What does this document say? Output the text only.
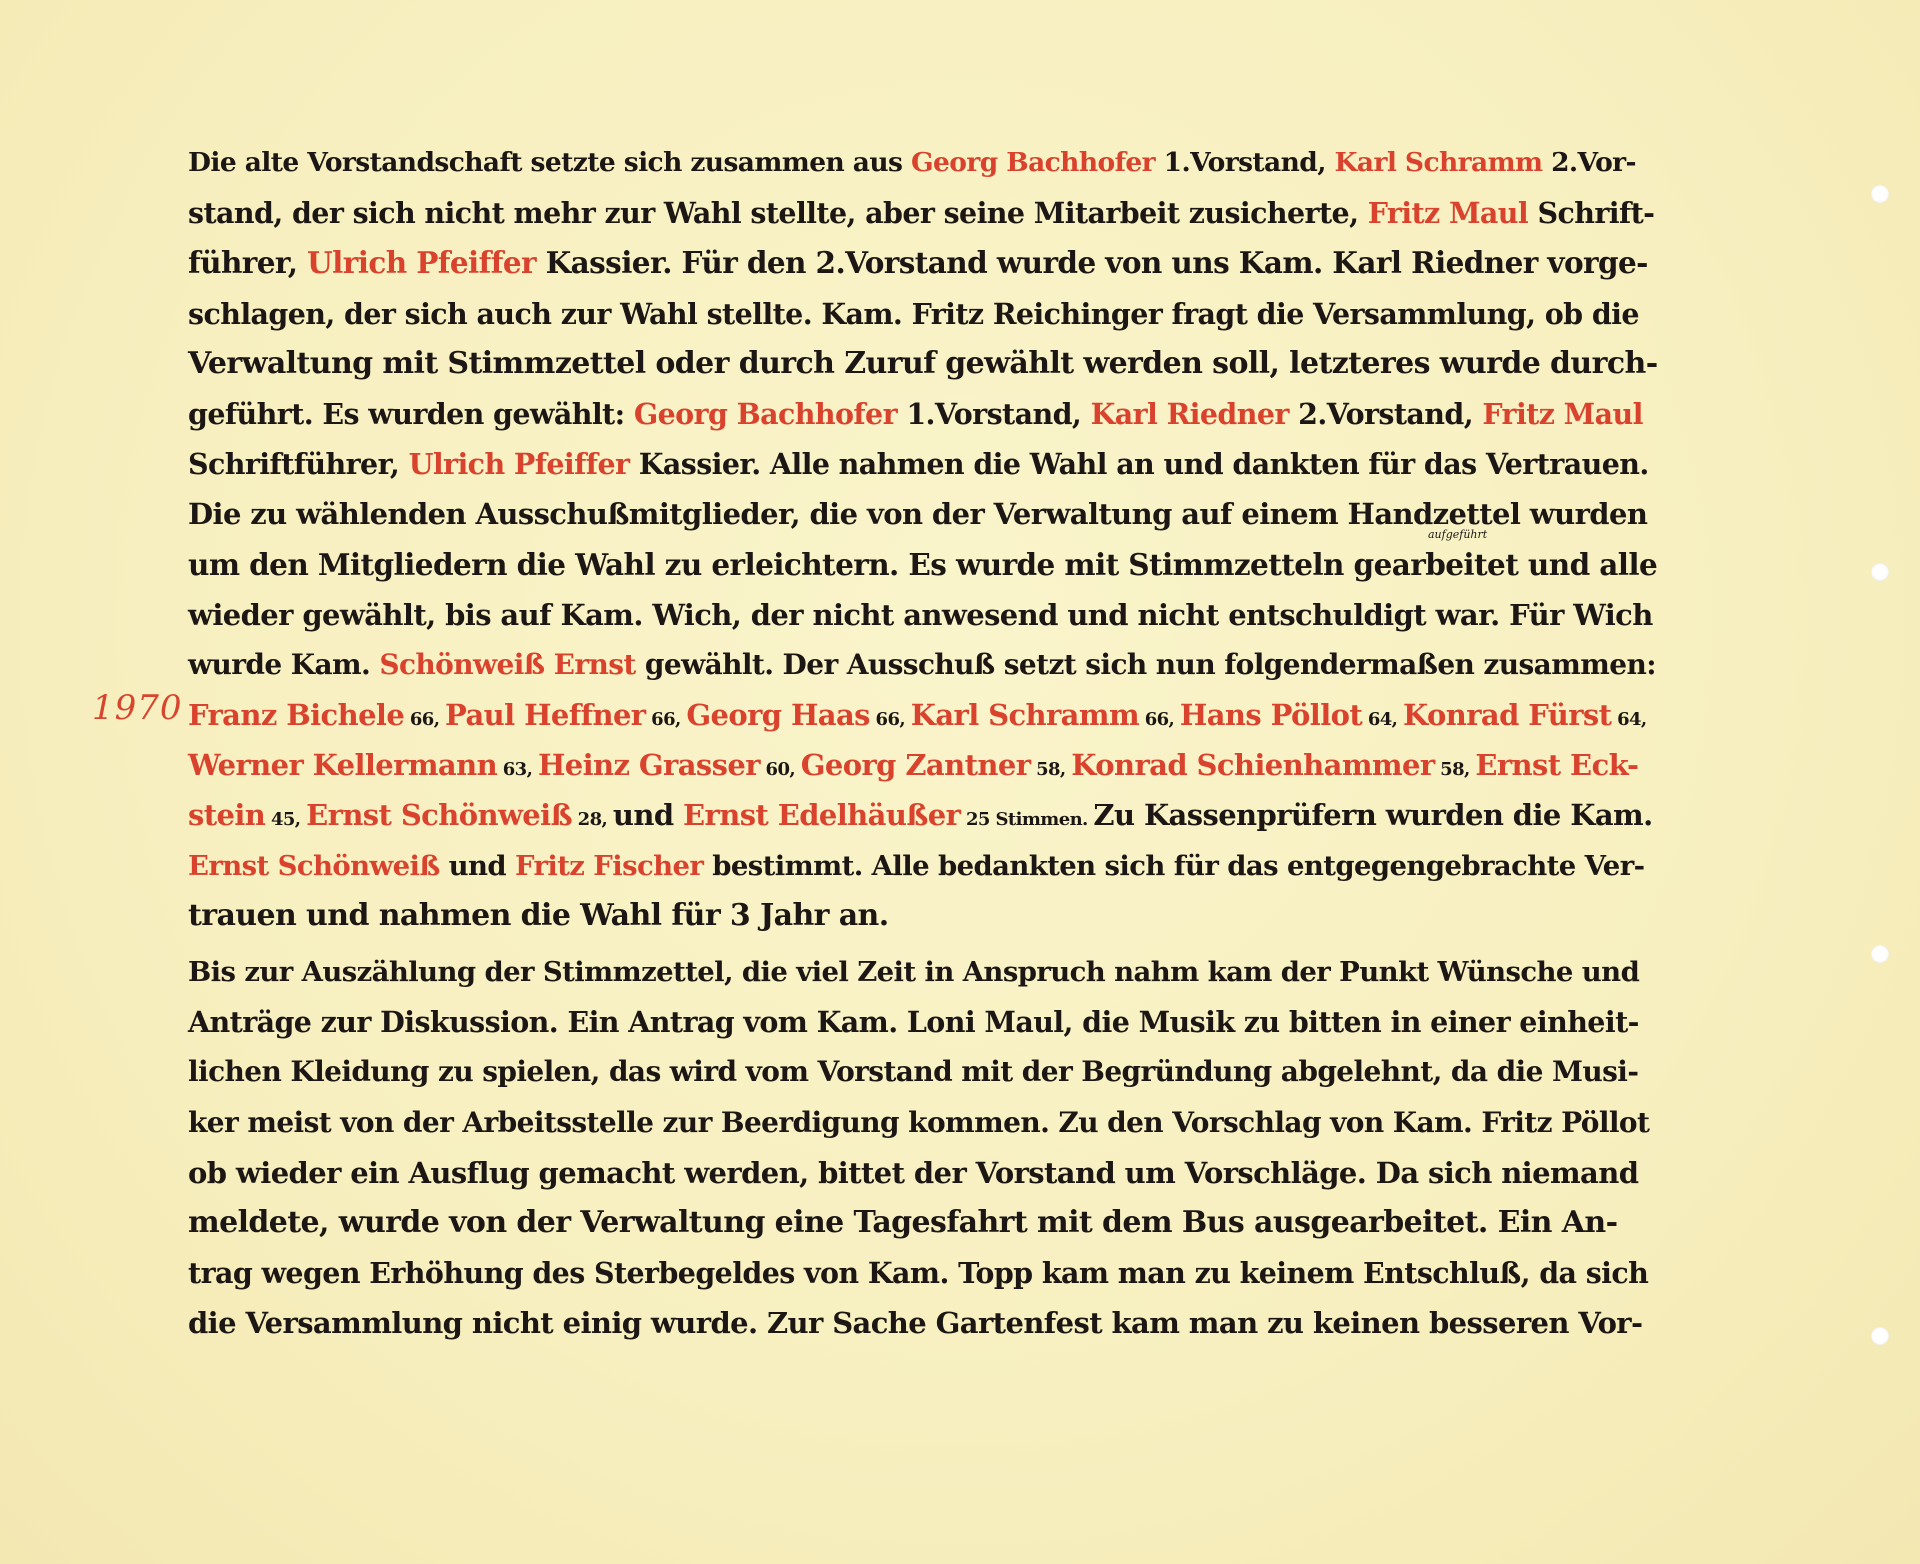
1970
aufgeführt
Die alte Vorstandschaft setzte sich zusammen aus Georg Bachhofer 1.Vorstand, Karl Schramm 2.Vor-
stand, der sich nicht mehr zur Wahl stellte, aber seine Mitarbeit zusicherte, Fritz Maul Schrift-
führer, Ulrich Pfeiffer Kassier. Für den 2.Vorstand wurde von uns Kam. Karl Riedner vorge-
schlagen, der sich auch zur Wahl stellte. Kam. Fritz Reichinger fragt die Versammlung, ob die
Verwaltung mit Stimmzettel oder durch Zuruf gewählt werden soll, letzteres wurde durch-
geführt. Es wurden gewählt: Georg Bachhofer 1.Vorstand, Karl Riedner 2.Vorstand, Fritz Maul
Schriftführer, Ulrich Pfeiffer Kassier. Alle nahmen die Wahl an und dankten für das Vertrauen.
Die zu wählenden Ausschußmitglieder, die von der Verwaltung auf einem Handzettel wurden
um den Mitgliedern die Wahl zu erleichtern. Es wurde mit Stimmzetteln gearbeitet und alle
wieder gewählt, bis auf Kam. Wich, der nicht anwesend und nicht entschuldigt war. Für Wich
wurde Kam. Schönweiß Ernst gewählt. Der Ausschuß setzt sich nun folgendermaßen zusammen:
Franz Bichele 66, Paul Heffner 66, Georg Haas 66, Karl Schramm 66, Hans Pöllot 64, Konrad Fürst 64,
Werner Kellermann 63, Heinz Grasser 60, Georg Zantner 58, Konrad Schienhammer 58, Ernst Eck-
stein 45, Ernst Schönweiß 28, und Ernst Edelhäußer 25 Stimmen. Zu Kassenprüfern wurden die Kam.
Ernst Schönweiß und Fritz Fischer bestimmt. Alle bedankten sich für das entgegengebrachte Ver-
trauen und nahmen die Wahl für 3 Jahr an.
Bis zur Auszählung der Stimmzettel, die viel Zeit in Anspruch nahm kam der Punkt Wünsche und
Anträge zur Diskussion. Ein Antrag vom Kam. Loni Maul, die Musik zu bitten in einer einheit-
lichen Kleidung zu spielen, das wird vom Vorstand mit der Begründung abgelehnt, da die Musi-
ker meist von der Arbeitsstelle zur Beerdigung kommen. Zu den Vorschlag von Kam. Fritz Pöllot
ob wieder ein Ausflug gemacht werden, bittet der Vorstand um Vorschläge. Da sich niemand
meldete, wurde von der Verwaltung eine Tagesfahrt mit dem Bus ausgearbeitet. Ein An-
trag wegen Erhöhung des Sterbegeldes von Kam. Topp kam man zu keinem Entschluß, da sich
die Versammlung nicht einig wurde. Zur Sache Gartenfest kam man zu keinen besseren Vor-
